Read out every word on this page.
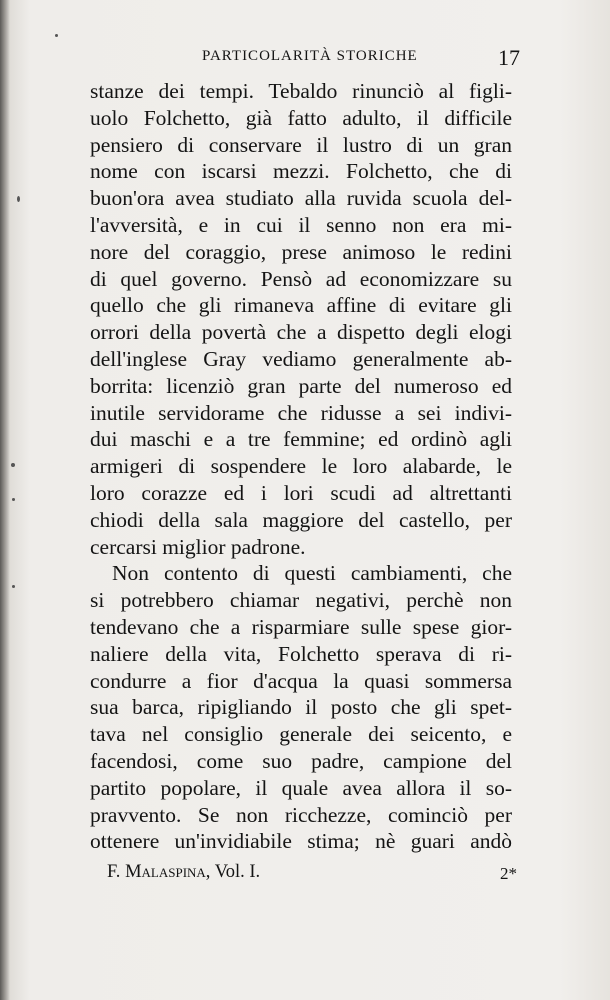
PARTICOLARITÀ STORICHE	17
stanze dei tempi. Tebaldo rinunciò al figli-
uolo Folchetto, già fatto adulto, il difficile
pensiero di conservare il lustro di un gran
nome con iscarsi mezzi. Folchetto, che di
buon'ora avea studiato alla ruvida scuola del-
l'avversità, e in cui il senno non era mi-
nore del coraggio, prese animoso le redini
di quel governo. Pensò ad economizzare su
quello che gli rimaneva affine di evitare gli
orrori della povertà che a dispetto degli elogi
dell'inglese Gray vediamo generalmente ab-
borrita: licenziò gran parte del numeroso ed
inutile servidorame che ridusse a sei indivi-
dui maschi e a tre femmine; ed ordinò agli
armigeri di sospendere le loro alabarde, le
loro corazze ed i lori scudi ad altrettanti
chiodi della sala maggiore del castello, per
cercarsi miglior padrone.
Non contento di questi cambiamenti, che
si potrebbero chiamar negativi, perchè non
tendevano che a risparmiare sulle spese gior-
naliere della vita, Folchetto sperava di ri-
condurre a fior d'acqua la quasi sommersa
sua barca, ripigliando il posto che gli spet-
tava nel consiglio generale dei seicento, e
facendosi, come suo padre, campione del
partito popolare, il quale avea allora il so-
pravvento. Se non ricchezze, cominciò per
ottenere un'invidiabile stima; nè guari andò
F. Malaspina, Vol. I.	2*
